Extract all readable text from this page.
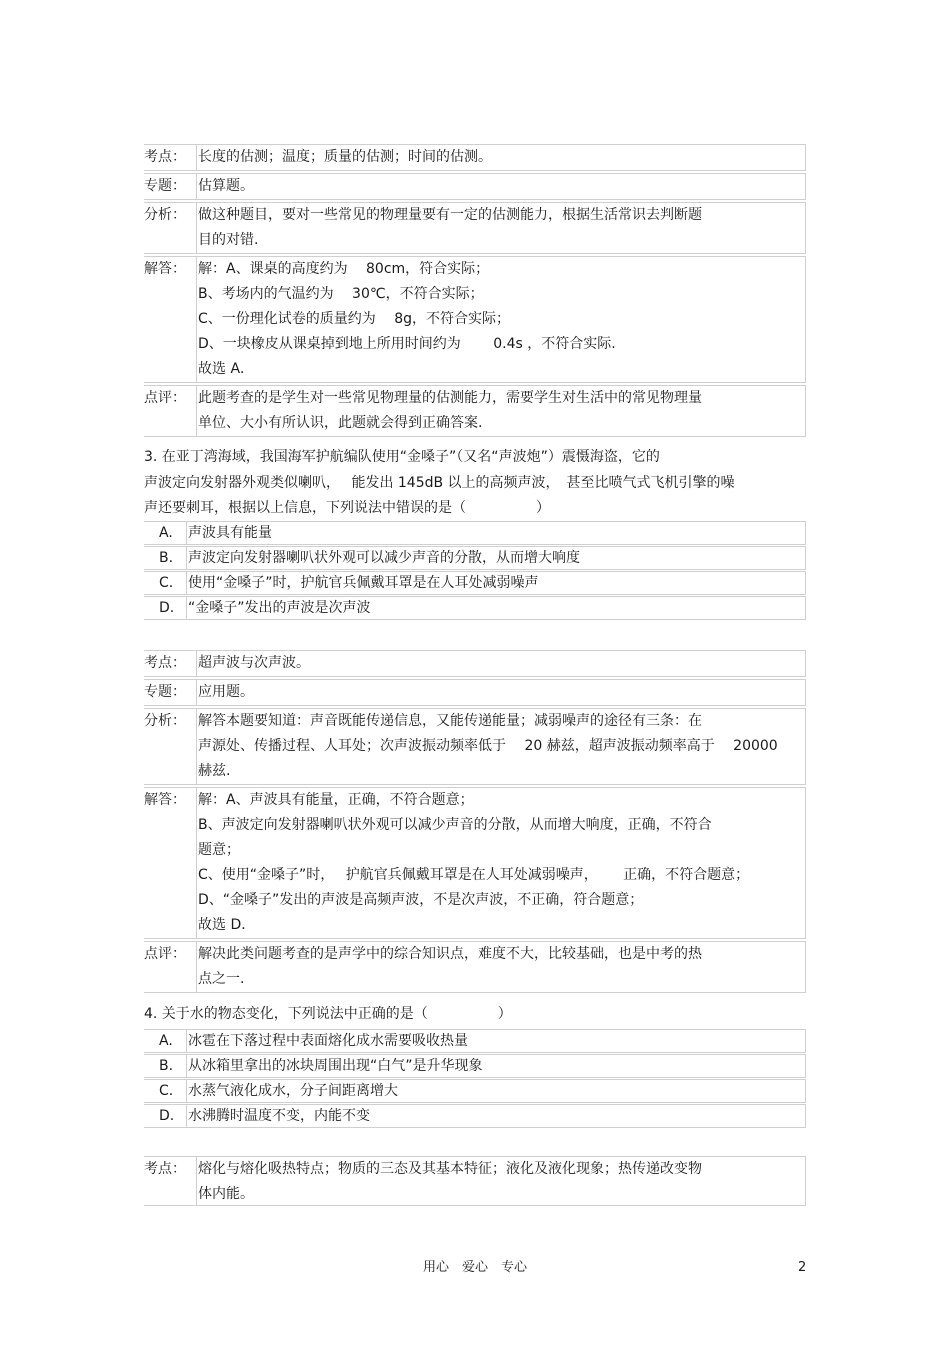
考点： 长度的估测；温度；质量的估测；时间的估测。
专题： 估算题。
分析： 做这种题目，要对一些常见的物理量要有一定的估测能力，根据生活常识去判断题
目的对错.
解答： 解：A、课桌的高度约为　 80cm，符合实际；
B、考场内的气温约为　 30℃，不符合实际；
C、一份理化试卷的质量约为　 8g，不符合实际；
D、一块橡皮从课桌掉到地上所用时间约为　　 0.4s ，不符合实际.
故选 A．
点评： 此题考查的是学生对一些常见物理量的估测能力，需要学生对生活中的常见物理量
单位、大小有所认识，此题就会得到正确答案.
3. 在亚丁湾海域，我国海军护航编队使用“金嗓子”（又名“声波炮”）震慑海盗，它的
声波定向发射器外观类似喇叭，　 能发出 145dB 以上的高频声波，　甚至比喷气式飞机引擎的噪
声还要刺耳，根据以上信息，下列说法中错误的是（　　　　　）
A.	声波具有能量
B.	声波定向发射器喇叭状外观可以减少声音的分散，从而增大响度
C.	使用“金嗓子”时，护航官兵佩戴耳罩是在人耳处减弱噪声
D. “金嗓子”发出的声波是次声波
考点： 超声波与次声波。
专题： 应用题。
分析： 解答本题要知道：声音既能传递信息，又能传递能量；减弱噪声的途径有三条：在
声源处、传播过程、人耳处；次声波振动频率低于　 20 赫兹，超声波振动频率高于　 20000
赫兹.
解答： 解：A、声波具有能量，正确，不符合题意；
B、声波定向发射器喇叭状外观可以减少声音的分散，从而增大响度，正确，不符合
题意；
C、使用“金嗓子”时，　 护航官兵佩戴耳罩是在人耳处减弱噪声，　　 正确，不符合题意；
D、“金嗓子”发出的声波是高频声波，不是次声波，不正确，符合题意；
故选 D．
点评： 解决此类问题考查的是声学中的综合知识点，难度不大，比较基础，也是中考的热
点之一.
4. 关于水的物态变化，下列说法中正确的是（　　　　　）
A.	冰雹在下落过程中表面熔化成水需要吸收热量
B.	从冰箱里拿出的冰块周围出现“白气”是升华现象
C.	水蒸气液化成水，分子间距离增大
D. 水沸腾时温度不变，内能不变
考点： 熔化与熔化吸热特点；物质的三态及其基本特征；液化及液化现象；热传递改变物
体内能。
用心　爱心　专心	2
